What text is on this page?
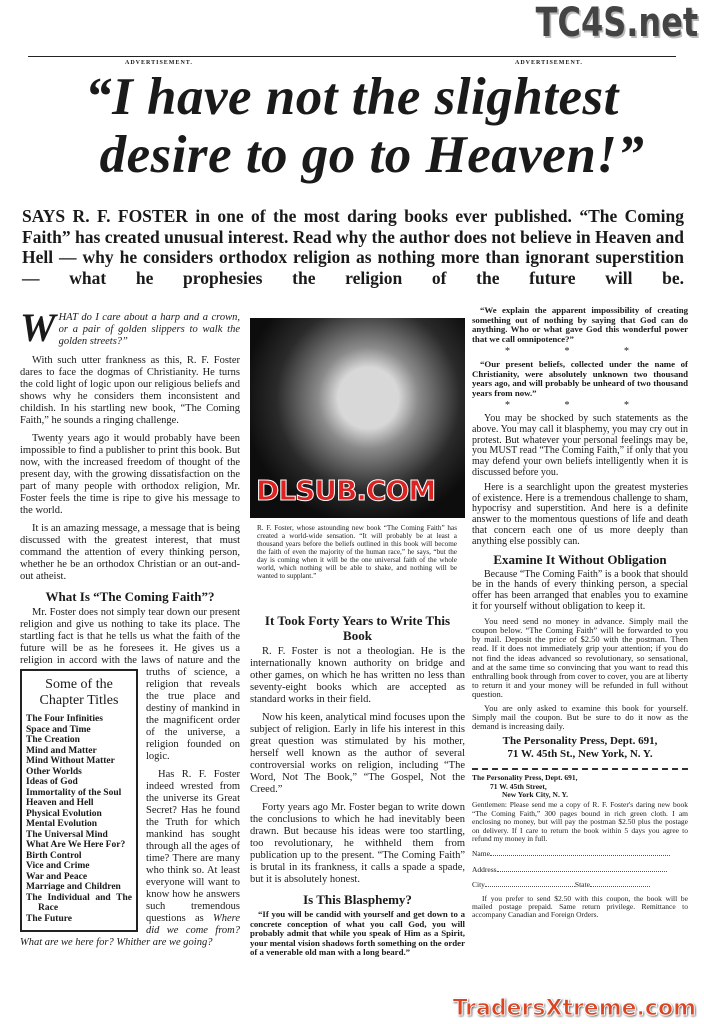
ADVERTISEMENT.	ADVERTISEMENT.
TC4S.net
“I have not the slightest
desire to go to Heaven!”
SAYS R. F. FOSTER in one of the most daring books ever published. “The Coming Faith” has created unusual interest. Read why the author does not believe in Heaven and Hell — why he considers orthodox religion as nothing more than ignorant superstition — what he prophesies the religion of the future will be.
WHAT do I care about a harp and a crown, or a pair of golden slippers to walk the golden streets?”

With such utter frankness as this, R. F. Foster dares to face the dogmas of Christianity. He turns the cold light of logic upon our religious beliefs and shows why he considers them inconsistent and childish. In his startling new book, “The Coming Faith,” he sounds a ringing challenge.

Twenty years ago it would probably have been impossible to find a publisher to print this book. But now, with the increased freedom of thought of the present day, with the growing dissatisfaction on the part of many people with orthodox religion, Mr. Foster feels the time is ripe to give his message to the world.

It is an amazing message, a message that is being discussed with the greatest interest, that must command the attention of every thinking person, whether he be an orthodox Christian or an out-and-out atheist.

What Is “The Coming Faith”?
Some of the Chapter Titles
The Four Infinities
Space and Time
The Creation
Mind and Matter
Mind Without Matter
Other Worlds
Ideas of God
Immortality of the Soul
Heaven and Hell
Physical Evolution
Mental Evolution
The Universal Mind
What Are We Here For?
Birth Control
Vice and Crime
War and Peace
Marriage and Children
The Individual and The Race
The Future

Mr. Foster does not simply tear down our present religion and give us nothing to take its place. The startling fact is that he tells us what the faith of the future will be as he foresees it. He gives us a religion in accord with the laws of nature and the truths of science, a religion that reveals the true place and destiny of mankind in the magnificent order of the universe, a religion founded on logic.

Has R. F. Foster indeed wrested from the universe its Great Secret? Has he found the Truth for which mankind has sought through all the ages of time? There are many who think so. At least everyone will want to know how he answers such tremendous questions as Where did we come from? What are we here for? Whither are we going?

DLSUB.COM
R. F. Foster, whose astounding new book “The Coming Faith” has created a world-wide sensation. “It will probably be at least a thousand years before the beliefs outlined in this book will become the faith of even the majority of the human race,” he says, “but the day is coming when it will be the one universal faith of the whole world, which nothing will be able to shake, and nothing will be wanted to supplant.”
It Took Forty Years to Write This Book

R. F. Foster is not a theologian. He is the internationally known authority on bridge and other games, on which he has written no less than seventy-eight books which are accepted as standard works in their field.

Now his keen, analytical mind focuses upon the subject of religion. Early in life his interest in this great question was stimulated by his mother, herself well known as the author of several controversial works on religion, including “The Word, Not The Book,” “The Gospel, Not the Creed.”

Forty years ago Mr. Foster began to write down the conclusions to which he had inevitably been drawn. But because his ideas were too startling, too revolutionary, he withheld them from publication up to the present. “The Coming Faith” is brutal in its frankness, it calls a spade a spade, but it is absolutely honest.

Is This Blasphemy?
“If you will be candid with yourself and get down to a concrete conception of what you call God, you will probably admit that while you speak of Him as a Spirit, your mental vision shadows forth something on the order of a venerable old man with a long beard.”
“We explain the apparent impossibility of creating something out of nothing by saying that God can do anything. Who or what gave God this wonderful power that we call omnipotence?”
* * *
“Our present beliefs, collected under the name of Christianity, were absolutely unknown two thousand years ago, and will probably be unheard of two thousand years from now.”
* * *

You may be shocked by such statements as the above. You may call it blasphemy, you may cry out in protest. But whatever your personal feelings may be, you MUST read “The Coming Faith,” if only that you may defend your own beliefs intelligently when it is discussed before you.

Here is a searchlight upon the greatest mysteries of existence. Here is a tremendous challenge to sham, hypocrisy and superstition. And here is a definite answer to the momentous questions of life and death that concern each one of us more deeply than anything else possibly can.

Examine It Without Obligation

Because “The Coming Faith” is a book that should be in the hands of every thinking person, a special offer has been arranged that enables you to examine it for yourself without obligation to keep it.

You need send no money in advance. Simply mail the coupon below. “The Coming Faith” will be forwarded to you by mail. Deposit the price of $2.50 with the postman. Then read. If it does not immediately grip your attention; if you do not find the ideas advanced so revolutionary, so sensational, and at the same time so convincing that you want to read this enthralling book through from cover to cover, you are at liberty to return it and your money will be refunded in full without question.

You are only asked to examine this book for yourself. Simply mail the coupon. But be sure to do it now as the demand is increasing daily.

The Personality Press, Dept. 691,
71 W. 45th St., New York, N. Y.
The Personality Press, Dept. 691,
71 W. 45th Street,
New York City, N. Y.
Gentlemen: Please send me a copy of R. F. Foster's daring new book “The Coming Faith,” 300 pages bound in rich green cloth. I am enclosing no money, but will pay the postman $2.50 plus the postage on delivery. If I care to return the book within 5 days you agree to refund my money in full.
Name
Address
City	State
If you prefer to send $2.50 with this coupon, the book will be mailed postage prepaid. Same return privilege. Remittance to accompany Canadian and Foreign Orders.
TradersXtreme.com
